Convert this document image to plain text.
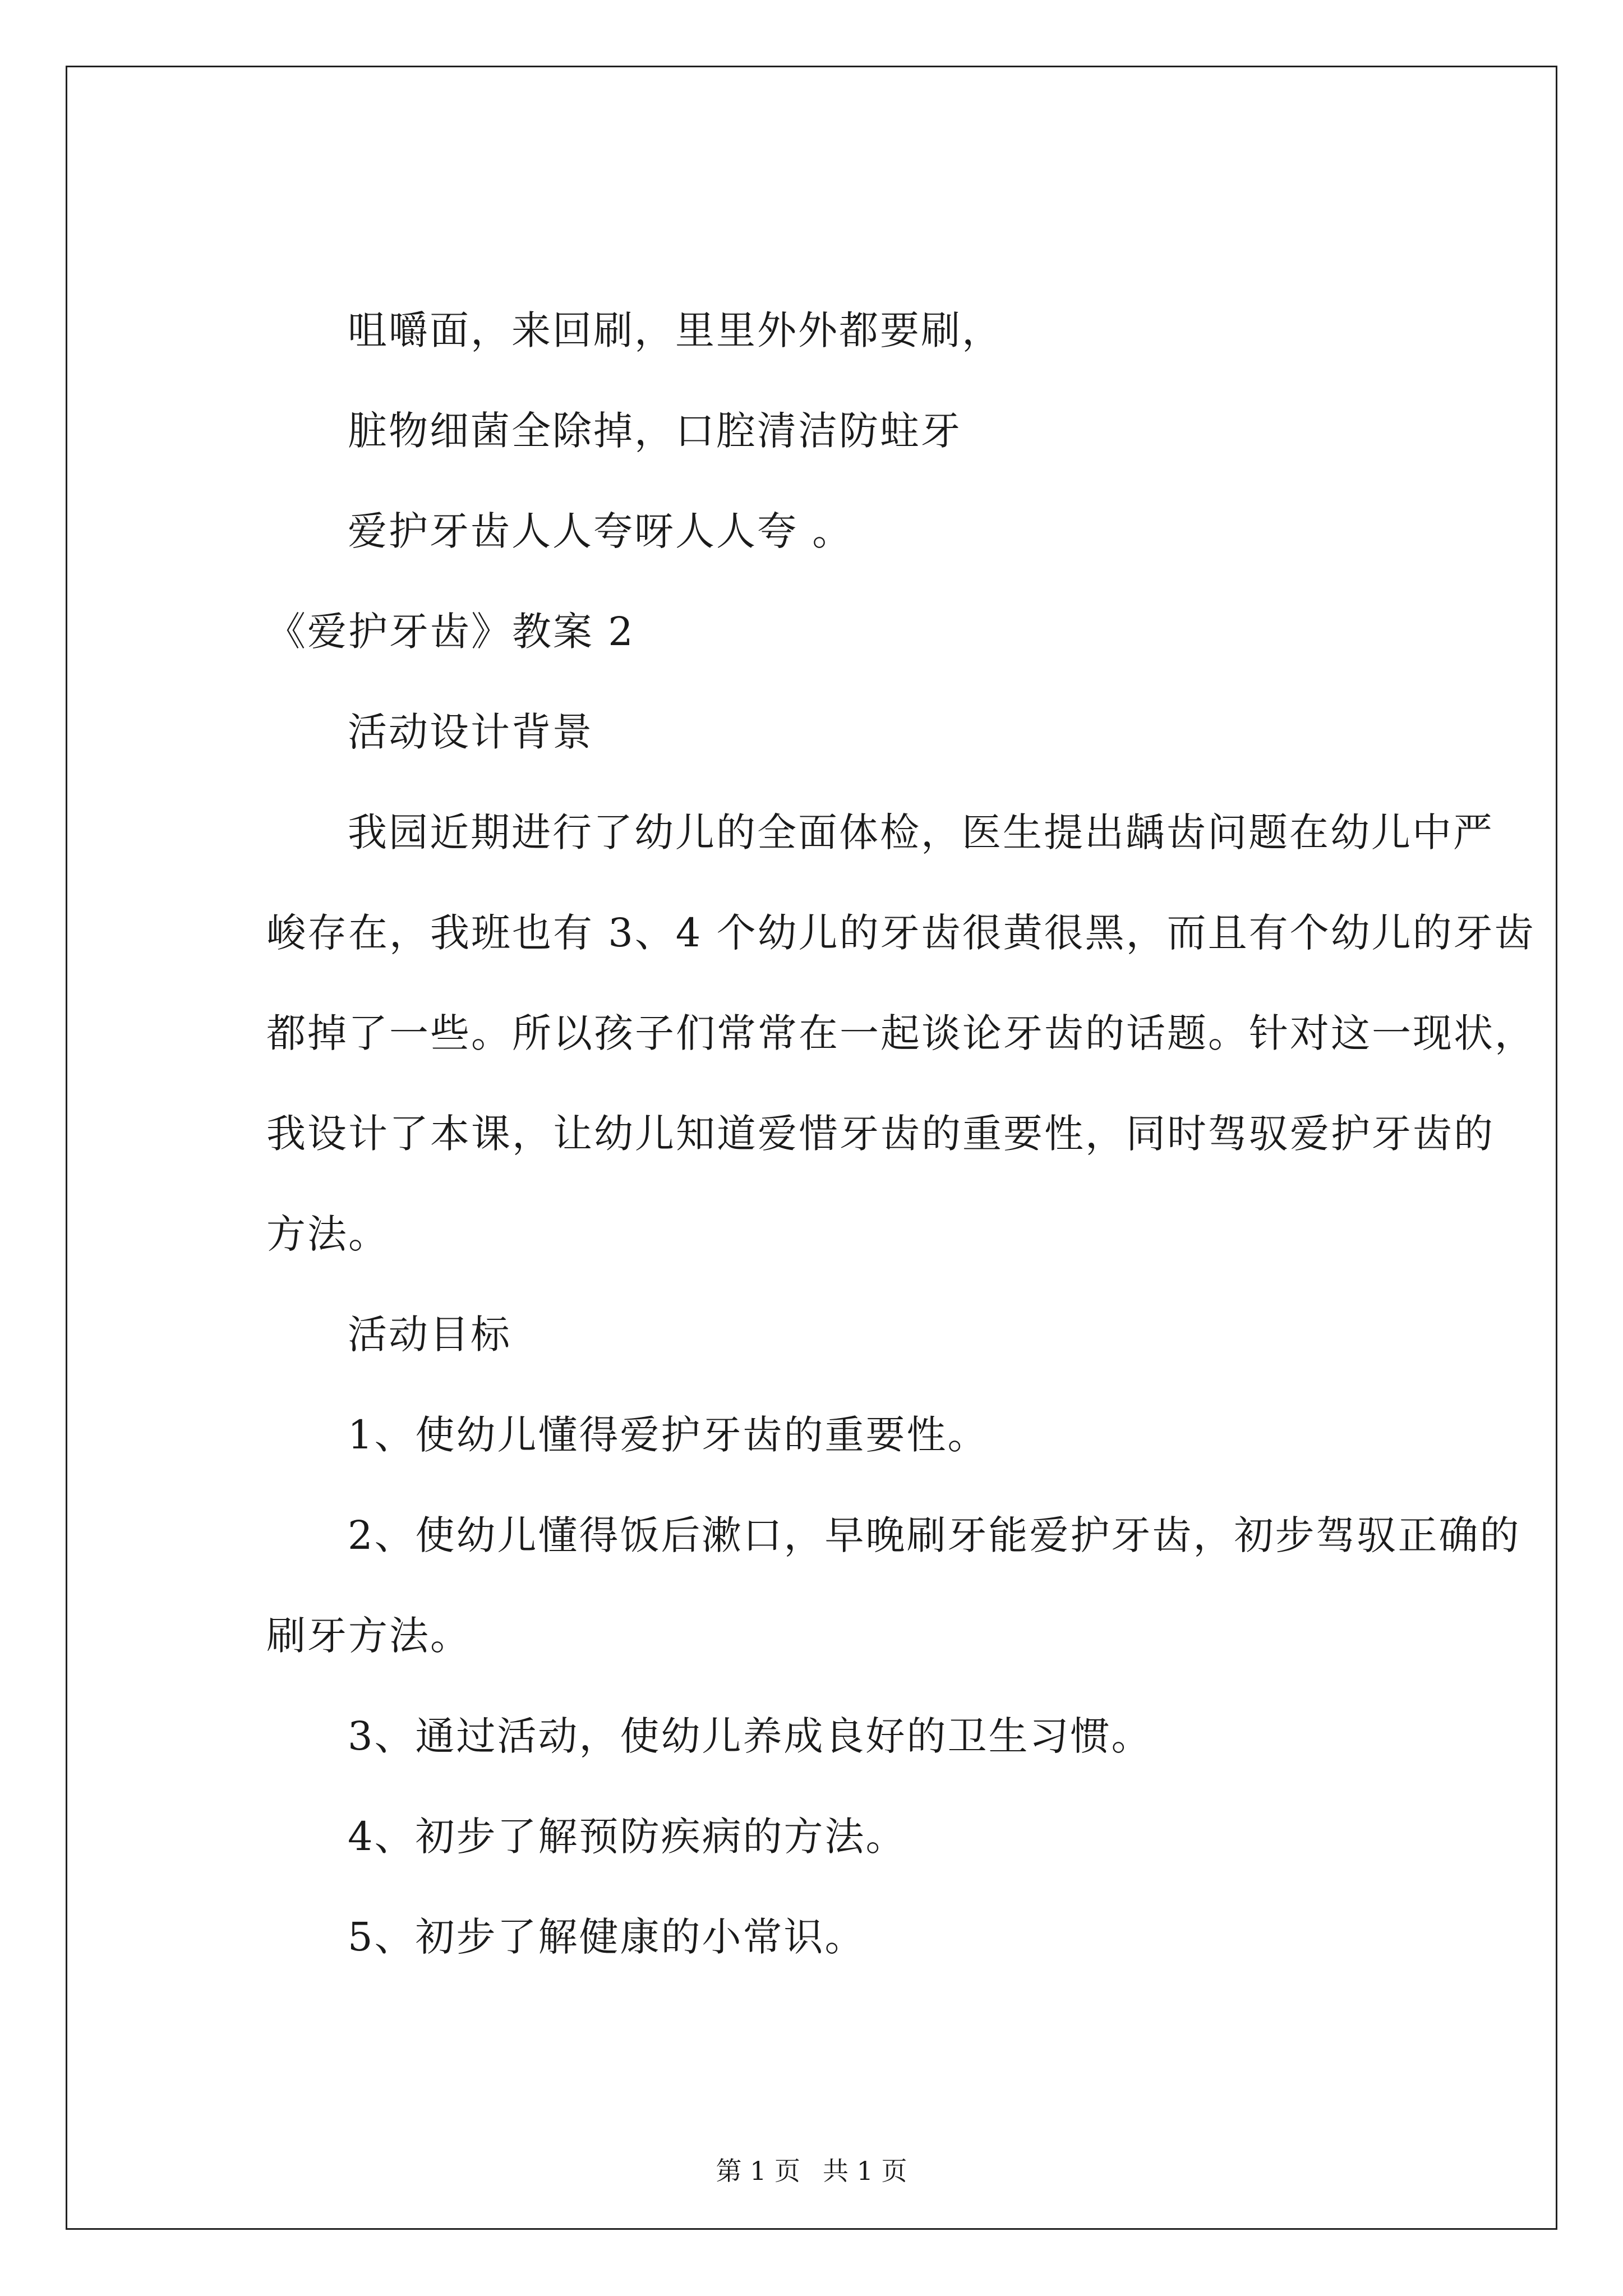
咀嚼面，来回刷，里里外外都要刷，

脏物细菌全除掉，口腔清洁防蛀牙

爱护牙齿人人夸呀人人夸 。

《爱护牙齿》教案 2

活动设计背景

我园近期进行了幼儿的全面体检，医生提出龋齿问题在幼儿中严

峻存在，我班也有 3、4 个幼儿的牙齿很黄很黑，而且有个幼儿的牙齿

都掉了一些。所以孩子们常常在一起谈论牙齿的话题。针对这一现状，

我设计了本课，让幼儿知道爱惜牙齿的重要性，同时驾驭爱护牙齿的

方法。

活动目标

1、使幼儿懂得爱护牙齿的重要性。

2、使幼儿懂得饭后漱口，早晚刷牙能爱护牙齿，初步驾驭正确的

刷牙方法。

3、通过活动，使幼儿养成良好的卫生习惯。

4、初步了解预防疾病的方法。

5、初步了解健康的小常识。

第 1 页 共 1 页
